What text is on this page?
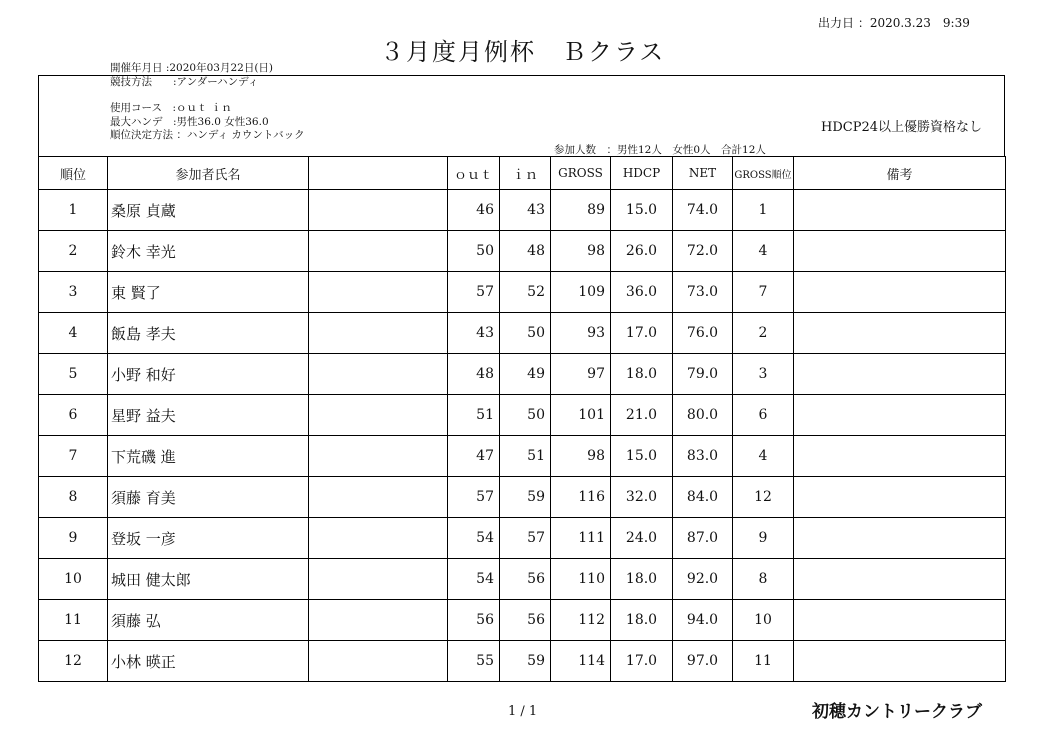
出力日 ：2020.3.23　9:39
３月度月例杯　Ｂクラス
開催年月日 :2020年03月22日(日)
競技方法　　:アンダーハンディ
使用コース　:ｏｕｔ ｉｎ
最大ハンデ　:男性36.0 女性36.0
順位決定方法 ：ハンディ カウントバック	HDCP24以上優勝資格なし
参加人数　：男性12人　女性0人　合計12人
順位	参加者氏名		ｏｕｔ	ｉｎ	GROSS	HDCP	NET	GROSS順位	備考
1	桑原 貞蔵		46	43	89	15.0	74.0	1	
2	鈴木 幸光		50	48	98	26.0	72.0	4	
3	東 賢了		57	52	109	36.0	73.0	7	
4	飯島 孝夫		43	50	93	17.0	76.0	2	
5	小野 和好		48	49	97	18.0	79.0	3	
6	星野 益夫		51	50	101	21.0	80.0	6	
7	下荒磯 進		47	51	98	15.0	83.0	4	
8	須藤 育美		57	59	116	32.0	84.0	12	
9	登坂 一彦		54	57	111	24.0	87.0	9	
10	城田 健太郎		54	56	110	18.0	92.0	8	
11	須藤 弘		56	56	112	18.0	94.0	10	
12	小林 暎正		55	59	114	17.0	97.0	11	
1 / 1	初穂カントリークラブ
